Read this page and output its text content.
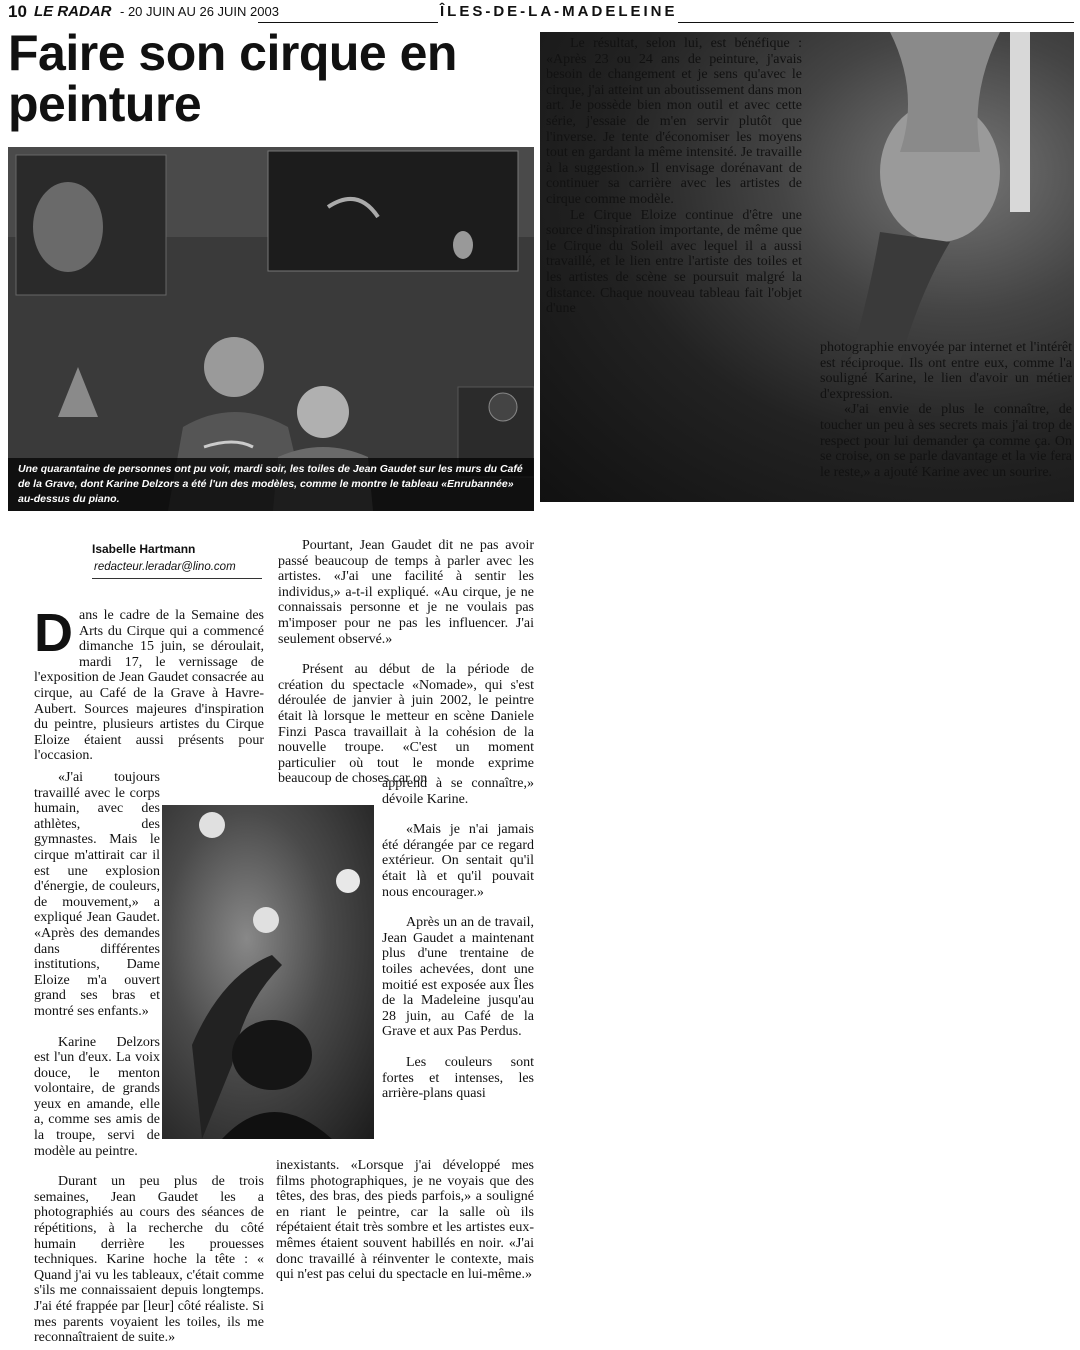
10 LE RADAR - 20 JUIN AU 26 JUIN 2003	ÎLES-DE-LA-MADELEINE
Faire son cirque en peinture
Une quarantaine de personnes ont pu voir, mardi soir, les toiles de Jean Gaudet sur les murs du Café de la Grave, dont Karine Delzors a été l'un des modèles, comme le montre le tableau «Enrubannée» au-dessus du piano.

Le résultat, selon lui, est bénéfique : «Après 23 ou 24 ans de peinture, j'avais besoin de changement et je sens qu'avec le cirque, j'ai atteint un aboutissement dans mon art. Je possède bien mon outil et avec cette série, j'essaie de m'en servir plutôt que l'inverse. Je tente d'économiser les moyens tout en gardant la même intensité. Je travaille à la suggestion.» Il envisage dorénavant de continuer sa carrière avec les artistes de cirque comme modèle.

Le Cirque Eloize continue d'être une source d'inspiration importante, de même que le Cirque du Soleil avec lequel il a aussi travaillé, et le lien entre l'artiste des toiles et les artistes de scène se poursuit malgré la distance. Chaque nouveau tableau fait l'objet d'une

photographie envoyée par internet et l'intérêt est réciproque. Ils ont entre eux, comme l'a souligné Karine, le lien d'avoir un métier d'expression.

«J'ai envie de plus le connaître, de toucher un peu à ses secrets mais j'ai trop de respect pour lui demander ça comme ça. On se croise, on se parle davantage et la vie fera le reste,» a ajouté Karine avec un sourire.

Isabelle Hartmann
redacteur.leradar@lino.com

Dans le cadre de la Semaine des Arts du Cirque qui a commencé dimanche 15 juin, se déroulait, mardi 17, le vernissage de l'exposition de Jean Gaudet consacrée au cirque, au Café de la Grave à Havre-Aubert. Sources majeures d'inspiration du peintre, plusieurs artistes du Cirque Eloize étaient aussi présents pour l'occasion.

«J'ai toujours travaillé avec le corps humain, avec des athlètes, des gymnastes. Mais le cirque m'attirait car il est une explosion d'énergie, de couleurs, de mouvement,» a expliqué Jean Gaudet. «Après des demandes dans différentes institutions, Dame Eloize m'a ouvert grand ses bras et montré ses enfants.»

Karine Delzors est l'un d'eux. La voix douce, le menton volontaire, de grands yeux en amande, elle a, comme ses amis de la troupe, servi de modèle au peintre.

Durant un peu plus de trois semaines, Jean Gaudet les a photographiés au cours des séances de répétitions, à la recherche du côté humain derrière les prouesses techniques. Karine hoche la tête : « Quand j'ai vu les tableaux, c'était comme s'ils me connaissaient depuis longtemps. J'ai été frappée par [leur] côté réaliste. Si mes parents voyaient les toiles, ils me reconnaîtraient de suite.»

Pourtant, Jean Gaudet dit ne pas avoir passé beaucoup de temps à parler avec les artistes. «J'ai une facilité à sentir les individus,» a-t-il expliqué. «Au cirque, je ne connaissais personne et je ne voulais pas m'imposer pour ne pas les influencer. J'ai seulement observé.»

Présent au début de la période de création du spectacle «Nomade», qui s'est déroulée de janvier à juin 2002, le peintre était là lorsque le metteur en scène Daniele Finzi Pasca travaillait à la cohésion de la nouvelle troupe. «C'est un moment particulier où tout le monde exprime beaucoup de choses car on

apprend à se connaître,» dévoile Karine.

«Mais je n'ai jamais été dérangée par ce regard extérieur. On sentait qu'il était là et qu'il pouvait nous encourager.»

Après un an de travail, Jean Gaudet a maintenant plus d'une trentaine de toiles achevées, dont une moitié est exposée aux Îles de la Madeleine jusqu'au 28 juin, au Café de la Grave et aux Pas Perdus.

Les couleurs sont fortes et intenses, les arrière-plans quasi

inexistants. «Lorsque j'ai développé mes films photographiques, je ne voyais que des têtes, des bras, des pieds parfois,» a souligné en riant le peintre, car la salle où ils répétaient était très sombre et les artistes eux-mêmes étaient souvent habillés en noir. «J'ai donc travaillé à réinventer le contexte, mais qui n'est pas celui du spectacle en lui-même.»
